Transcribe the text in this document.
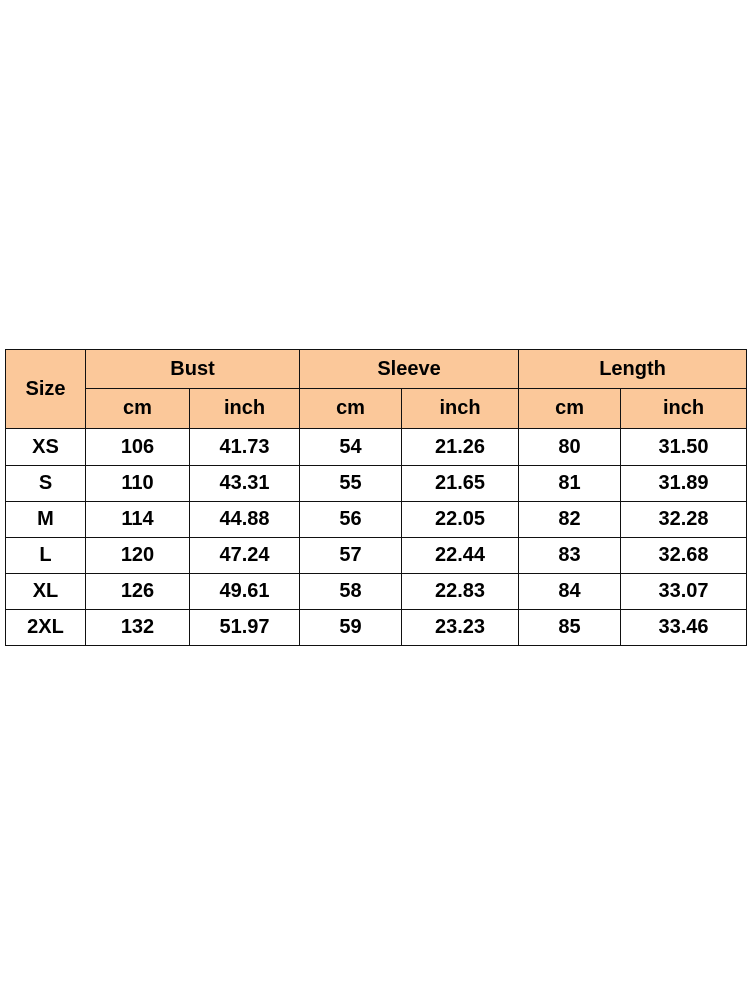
Size	Bust		Sleeve		Length	
	cm	inch	cm	inch	cm	inch
XS	106	41.73	54	21.26	80	31.50
S	110	43.31	55	21.65	81	31.89
M	114	44.88	56	22.05	82	32.28
L	120	47.24	57	22.44	83	32.68
XL	126	49.61	58	22.83	84	33.07
2XL	132	51.97	59	23.23	85	33.46
